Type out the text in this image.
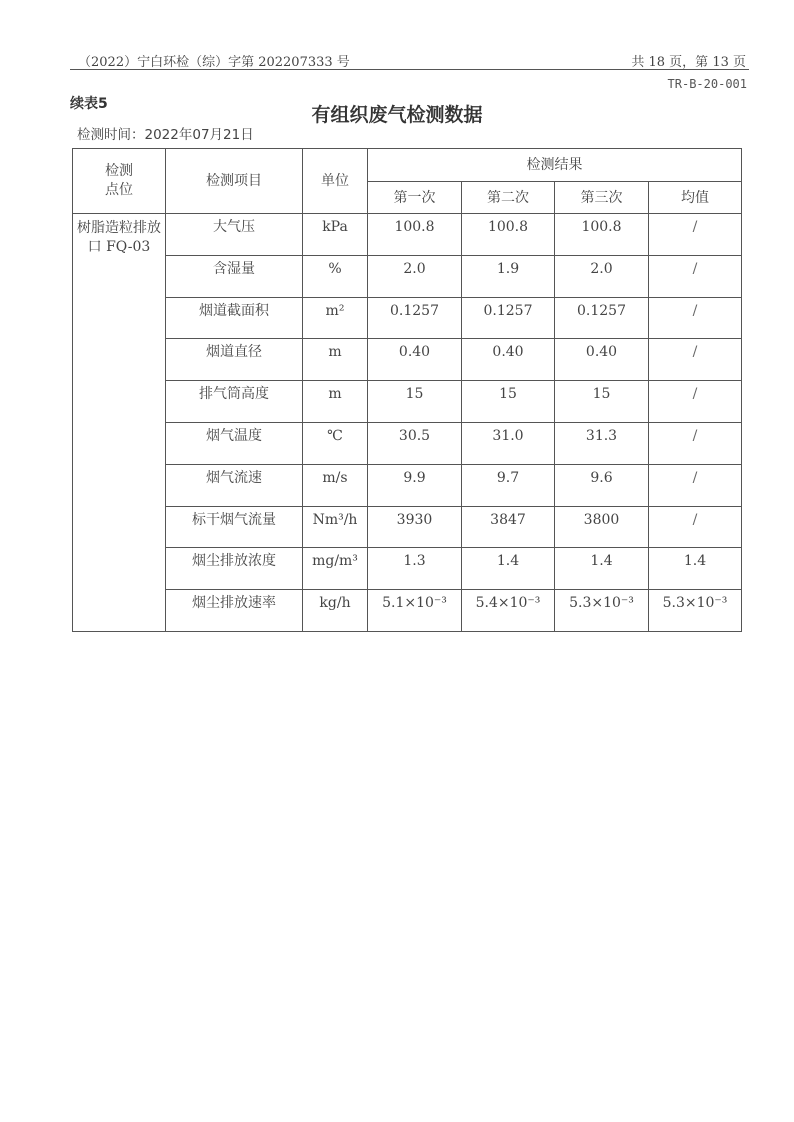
（2022）宁白环检（综）字第 202207333 号	共 18 页，第 13 页
TR-B-20-001
续表5	有组织废气检测数据
检测时间：2022年07月21日
检测
点位	检测项目	单位	检测结果			
			第一次	第二次	第三次	均值
树脂造粒排放口 FQ-03	大气压	kPa	100.8	100.8	100.8	/
	含湿量	%	2.0	1.9	2.0	/
	烟道截面积	m²	0.1257	0.1257	0.1257	/
	烟道直径	m	0.40	0.40	0.40	/
	排气筒高度	m	15	15	15	/
	烟气温度	℃	30.5	31.0	31.3	/
	烟气流速	m/s	9.9	9.7	9.6	/
	标干烟气流量	Nm³/h	3930	3847	3800	/
	烟尘排放浓度	mg/m³	1.3	1.4	1.4	1.4
	烟尘排放速率	kg/h	5.1×10⁻³	5.4×10⁻³	5.3×10⁻³	5.3×10⁻³
